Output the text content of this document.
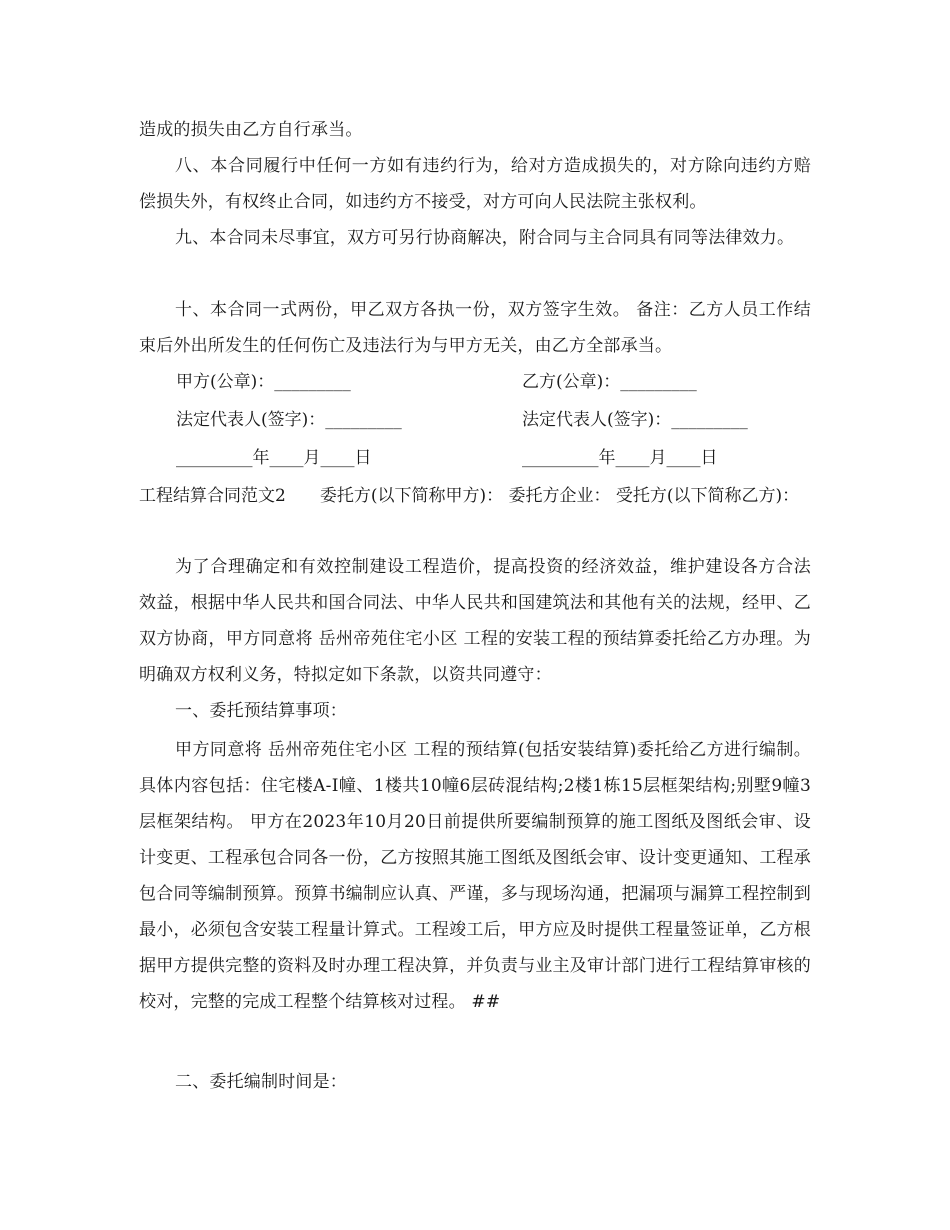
造成的损失由乙方自行承当。

八、本合同履行中任何一方如有违约行为，给对方造成损失的，对方除向违约方赔偿损失外，有权终止合同，如违约方不接受，对方可向人民法院主张权利。

九、本合同未尽事宜，双方可另行协商解决，附合同与主合同具有同等法律效力。

十、本合同一式两份，甲乙双方各执一份，双方签字生效。 备注：乙方人员工作结束后外出所发生的任何伤亡及违法行为与甲方无关，由乙方全部承当。

甲方(公章)：_________	乙方(公章)：_________
法定代表人(签字)：_________	法定代表人(签字)：_________
_________年____月____日	_________年____月____日

工程结算合同范文2　　委托方(以下简称甲方)： 委托方企业： 受托方(以下简称乙方)：

为了合理确定和有效控制建设工程造价，提高投资的经济效益，维护建设各方合法效益，根据中华人民共和国合同法、中华人民共和国建筑法和其他有关的法规，经甲、乙双方协商，甲方同意将 岳州帝苑住宅小区 工程的安装工程的预结算委托给乙方办理。为明确双方权利义务，特拟定如下条款，以资共同遵守：

一、委托预结算事项：

甲方同意将 岳州帝苑住宅小区 工程的预结算(包括安装结算)委托给乙方进行编制。具体内容包括：住宅楼A-Ⅰ幢、1楼共10幢6层砖混结构;2楼1栋15层框架结构;别墅9幢3层框架结构。 甲方在2023年10月20日前提供所要编制预算的施工图纸及图纸会审、设计变更、工程承包合同各一份，乙方按照其施工图纸及图纸会审、设计变更通知、工程承包合同等编制预算。预算书编制应认真、严谨，多与现场沟通，把漏项与漏算工程控制到最小，必须包含安装工程量计算式。工程竣工后，甲方应及时提供工程量签证单，乙方根据甲方提供完整的资料及时办理工程决算，并负责与业主及审计部门进行工程结算审核的校对，完整的完成工程整个结算核对过程。 ##

二、委托编制时间是：
